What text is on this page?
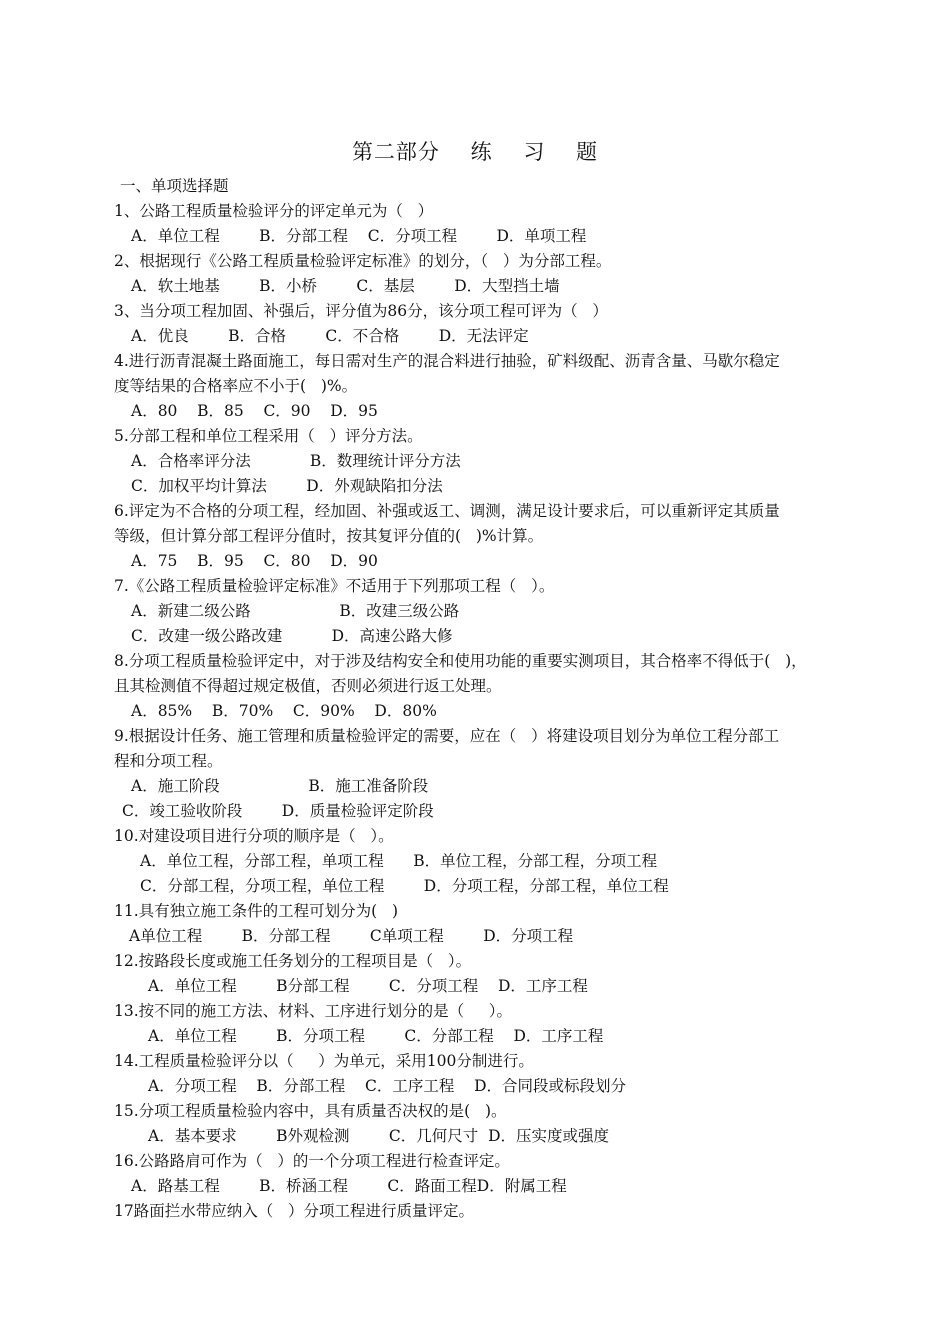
第二部分    练    习    题
一、单项选择题
1、公路工程质量检验评分的评定单元为（   ）
A．单位工程        B．分部工程    C．分项工程        D．单项工程
2、根据现行《公路工程质量检验评定标准》的划分，（   ）为分部工程。
A．软土地基        B．小桥        C．基层        D．大型挡土墙
3、当分项工程加固、补强后，评分值为86分，该分项工程可评为（   ）
A．优良        B．合格        C．不合格        D．无法评定
4.进行沥青混凝土路面施工，每日需对生产的混合料进行抽验，矿料级配、沥青含量、马歇尔稳定
度等结果的合格率应不小于(   )%。
A．80    B．85    C．90    D．95
5.分部工程和单位工程采用（   ）评分方法。
A．合格率评分法            B．数理统计评分方法
C．加权平均计算法        D．外观缺陷扣分法
6.评定为不合格的分项工程，经加固、补强或返工、调测，满足设计要求后，可以重新评定其质量
等级，但计算分部工程评分值时，按其复评分值的(   )%计算。
A．75    B．95    C．80    D．90
7.《公路工程质量检验评定标准》不适用于下列那项工程（   ）。
A．新建二级公路                  B．改建三级公路
C．改建一级公路改建          D．高速公路大修
8.分项工程质量检验评定中，对于涉及结构安全和使用功能的重要实测项目，其合格率不得低于(   )，
且其检测值不得超过规定极值，否则必须进行返工处理。
A．85%    B．70%    C．90%    D．80%
9.根据设计任务、施工管理和质量检验评定的需要，应在（   ）将建设项目划分为单位工程分部工
程和分项工程。
A．施工阶段                  B．施工准备阶段
C．竣工验收阶段        D．质量检验评定阶段
10.对建设项目进行分项的顺序是（   ）。
A．单位工程，分部工程，单项工程      B．单位工程，分部工程，分项工程
C．分部工程，分项工程，单位工程        D．分项工程，分部工程，单位工程
11.具有独立施工条件的工程可划分为(   )
A单位工程        B．分部工程        C单项工程        D．分项工程
12.按路段长度或施工任务划分的工程项目是（   ）。
A．单位工程        B分部工程        C．分项工程    D．工序工程
13.按不同的施工方法、材料、工序进行划分的是（     ）。
A．单位工程        B．分项工程        C．分部工程    D．工序工程
14.工程质量检验评分以（     ）为单元，采用100分制进行。
A．分项工程    B．分部工程    C．工序工程    D．合同段或标段划分
15.分项工程质量检验内容中，具有质量否决权的是(   )。
A．基本要求        B外观检测        C．几何尺寸  D．压实度或强度
16.公路路肩可作为（   ）的一个分项工程进行检查评定。
A．路基工程        B．桥涵工程        C．路面工程D．附属工程
17路面拦水带应纳入（   ）分项工程进行质量评定。
